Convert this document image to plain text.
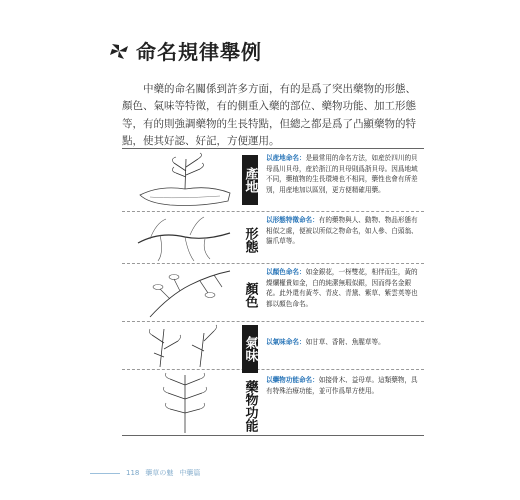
命名規律舉例

中藥的命名關係到許多方面，有的是爲了突出藥物的形態、顏色、氣味等特徵，有的側重入藥的部位、藥物功能、加工形態等，有的則強調藥物的生長特點，但總之都是爲了凸顯藥物的特點，使其好認、好記，方便運用。

產地
以産地命名：是最常用的命名方法，如産於四川的貝母爲川貝母，産於浙江的貝母則爲浙貝母。因爲地域不同，藥植物的生長環境也不相同，藥性也會有所差別，用産地加以區別，更方便精確用藥。
形態
以形態特徵命名：有的藥物與人、動物、物品形態有相似之處，便被以所似之物命名，如人參、白頭翁、貓爪草等。
顏色
以顏色命名：如金銀花，一枒雙花，相伴而生，黃的燦爛權貴如金，白的純潔無瑕似銀，因而得名金銀花。此外還有黃芩、青皮、青黛、紫草、紫雲英等也都以顏色命名。
氣味 以氣味命名：如甘草、香附、魚腥草等。
藥物功能 以藥物功能命名：如接骨木、益母草。這類藥物，具有特殊治療功能，並可作爲單方使用。
118 藥草の魅 中藥篇
